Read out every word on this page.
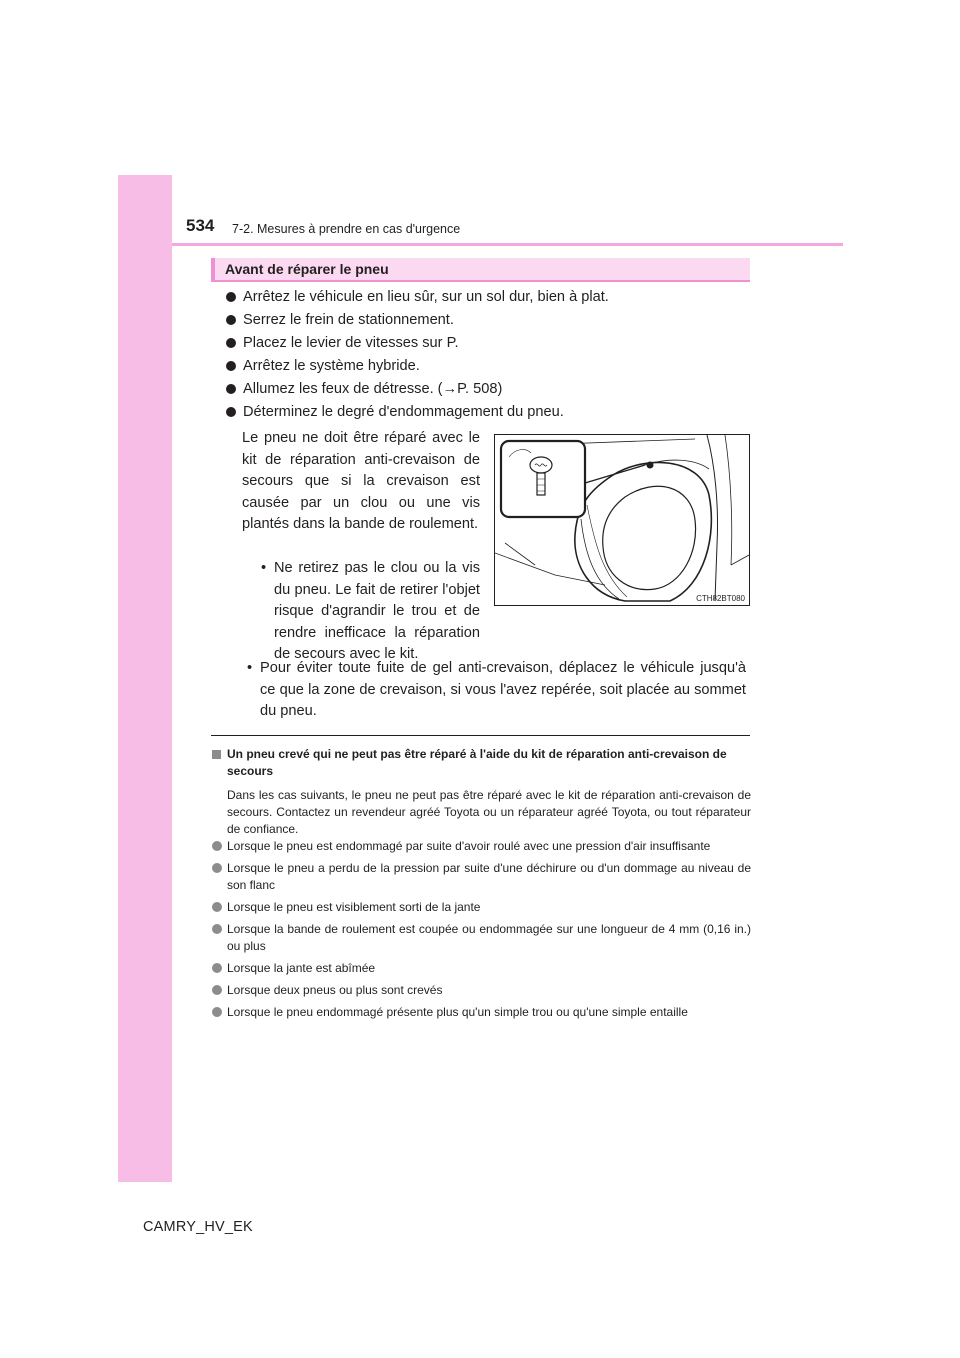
534 7-2. Mesures à prendre en cas d'urgence
Avant de réparer le pneu
Arrêtez le véhicule en lieu sûr, sur un sol dur, bien à plat.
Serrez le frein de stationnement.
Placez le levier de vitesses sur P.
Arrêtez le système hybride.
Allumez les feux de détresse. (→P. 508)
Déterminez le degré d'endommagement du pneu.
Le pneu ne doit être réparé avec le kit de réparation anti-crevaison de secours que si la crevaison est causée par un clou ou une vis plantés dans la bande de roulement.
• Ne retirez pas le clou ou la vis du pneu. Le fait de retirer l'objet risque d'agrandir le trou et de rendre inefficace la réparation de secours avec le kit.
• Pour éviter toute fuite de gel anti-crevaison, déplacez le véhicule jusqu'à ce que la zone de crevaison, si vous l'avez repérée, soit placée au sommet du pneu.
CTH82BT080
Un pneu crevé qui ne peut pas être réparé à l'aide du kit de réparation anti-crevaison de secours
Dans les cas suivants, le pneu ne peut pas être réparé avec le kit de réparation anti-crevaison de secours. Contactez un revendeur agréé Toyota ou un réparateur agréé Toyota, ou tout réparateur de confiance.
Lorsque le pneu est endommagé par suite d'avoir roulé avec une pression d'air insuffisante
Lorsque le pneu a perdu de la pression par suite d'une déchirure ou d'un dommage au niveau de son flanc
Lorsque le pneu est visiblement sorti de la jante
Lorsque la bande de roulement est coupée ou endommagée sur une longueur de 4 mm (0,16 in.) ou plus
Lorsque la jante est abîmée
Lorsque deux pneus ou plus sont crevés
Lorsque le pneu endommagé présente plus qu'un simple trou ou qu'une simple entaille
CAMRY_HV_EK
